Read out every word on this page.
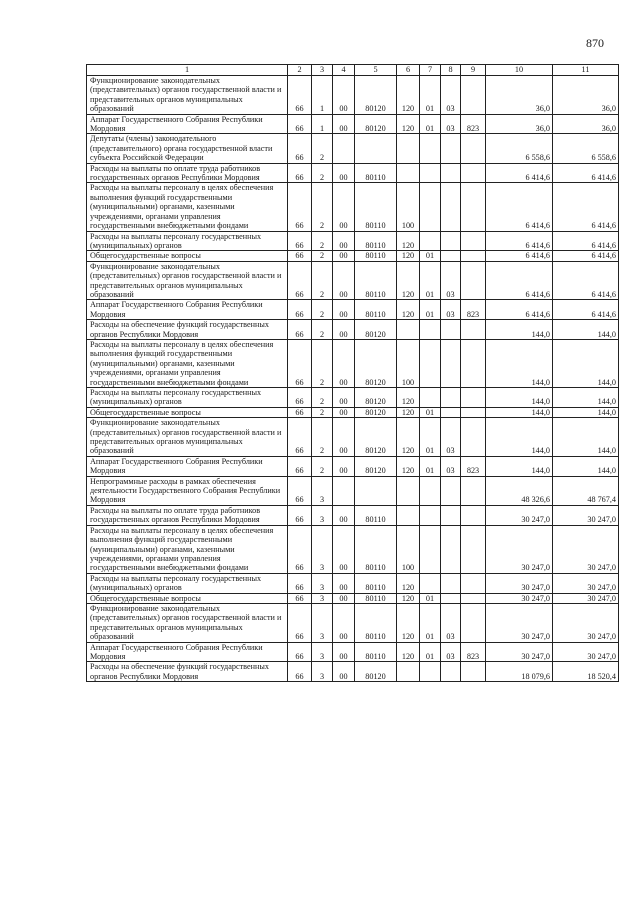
870
1	2	3	4	5	6	7	8	9	10	11
Функционирование законодательных (представительных) органов государственной власти и представительных органов муниципальных образований	66	1	00	80120	120	01	03		36,0	36,0
Аппарат Государственного Собрания Республики Мордовия	66	1	00	80120	120	01	03	823	36,0	36,0
Депутаты (члены) законодательного (представительного) органа государственной власти субъекта Российской Федерации	66	2							6 558,6	6 558,6
Расходы на выплаты по оплате труда работников государственных органов Республики Мордовия	66	2	00	80110					6 414,6	6 414,6
Расходы на выплаты персоналу в целях обеспечения выполнения функций государственными (муниципальными) органами, казенными учреждениями, органами управления государственными внебюджетными фондами	66	2	00	80110	100				6 414,6	6 414,6
Расходы на выплаты персоналу государственных (муниципальных) органов	66	2	00	80110	120				6 414,6	6 414,6
Общегосударственные вопросы	66	2	00	80110	120	01			6 414,6	6 414,6
Функционирование законодательных (представительных) органов государственной власти и представительных органов муниципальных образований	66	2	00	80110	120	01	03		6 414,6	6 414,6
Аппарат Государственного Собрания Республики Мордовия	66	2	00	80110	120	01	03	823	6 414,6	6 414,6
Расходы на обеспечение функций государственных органов Республики Мордовия	66	2	00	80120					144,0	144,0
Расходы на выплаты персоналу в целях обеспечения выполнения функций государственными (муниципальными) органами, казенными учреждениями, органами управления государственными внебюджетными фондами	66	2	00	80120	100				144,0	144,0
Расходы на выплаты персоналу государственных (муниципальных) органов	66	2	00	80120	120				144,0	144,0
Общегосударственные вопросы	66	2	00	80120	120	01			144,0	144,0
Функционирование законодательных (представительных) органов государственной власти и представительных органов муниципальных образований	66	2	00	80120	120	01	03		144,0	144,0
Аппарат Государственного Собрания Республики Мордовия	66	2	00	80120	120	01	03	823	144,0	144,0
Непрограммные расходы в рамках обеспечения деятельности Государственного Собрания Республики Мордовия	66	3							48 326,6	48 767,4
Расходы на выплаты по оплате труда работников государственных органов Республики Мордовия	66	3	00	80110					30 247,0	30 247,0
Расходы на выплаты персоналу в целях обеспечения выполнения функций государственными (муниципальными) органами, казенными учреждениями, органами управления государственными внебюджетными фондами	66	3	00	80110	100				30 247,0	30 247,0
Расходы на выплаты персоналу государственных (муниципальных) органов	66	3	00	80110	120				30 247,0	30 247,0
Общегосударственные вопросы	66	3	00	80110	120	01			30 247,0	30 247,0
Функционирование законодательных (представительных) органов государственной власти и представительных органов муниципальных образований	66	3	00	80110	120	01	03		30 247,0	30 247,0
Аппарат Государственного Собрания Республики Мордовия	66	3	00	80110	120	01	03	823	30 247,0	30 247,0
Расходы на обеспечение функций государственных органов Республики Мордовия	66	3	00	80120					18 079,6	18 520,4
